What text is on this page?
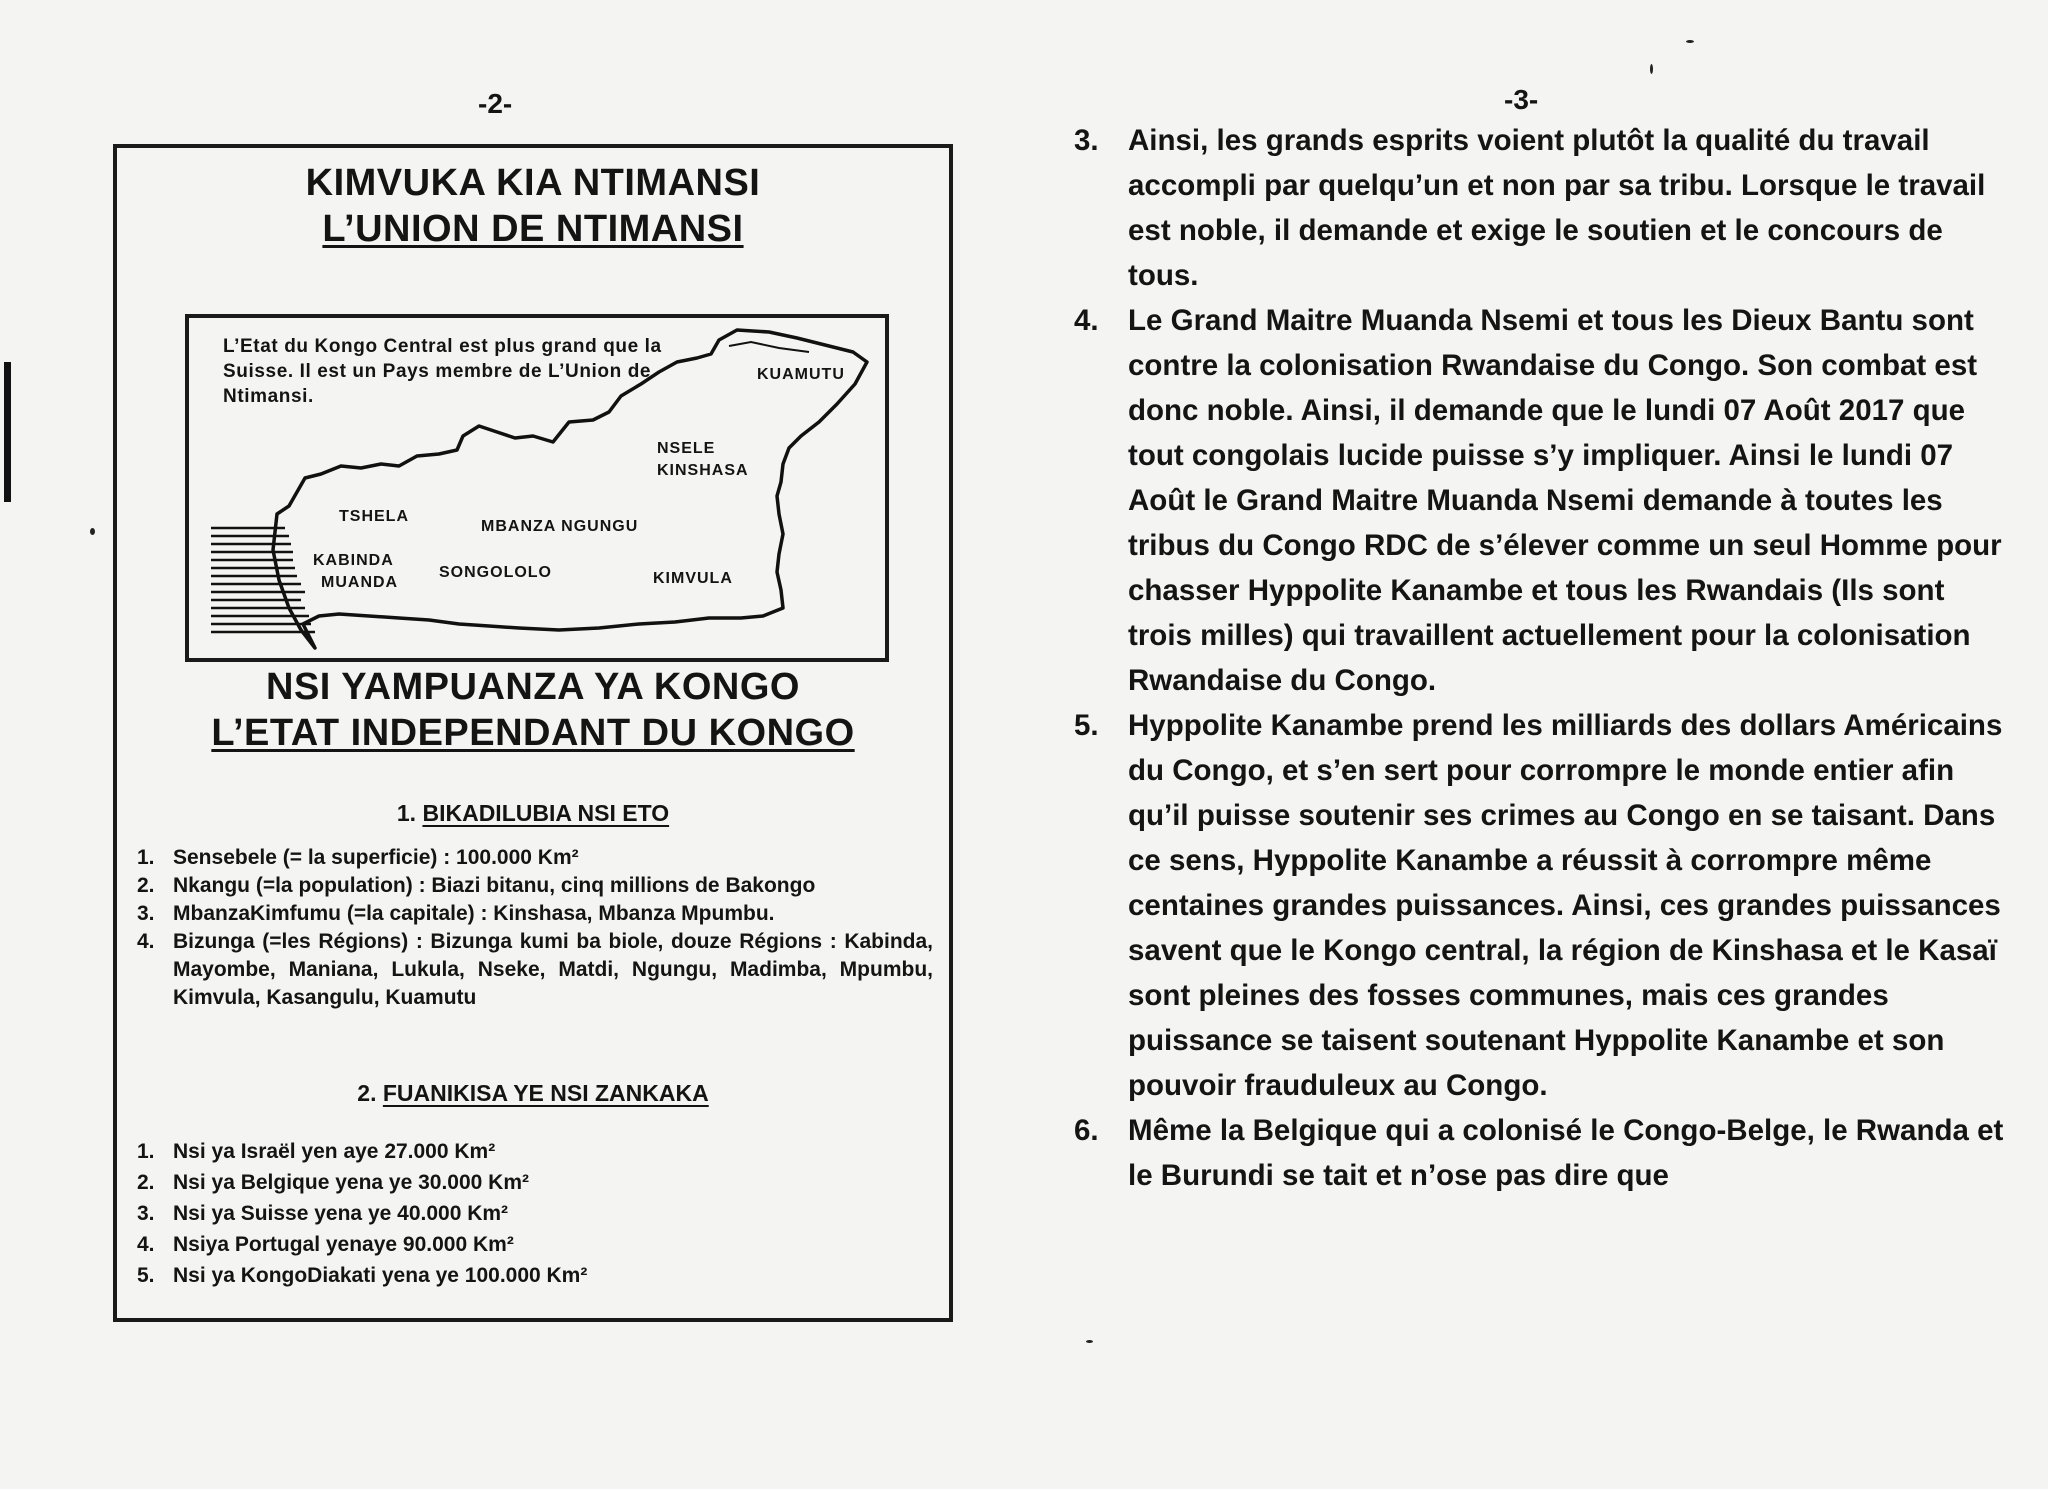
-2-
KIMVUKA KIA NTIMANSI
L’UNION DE NTIMANSI
L’Etat du Kongo Central est plus grand que la Suisse. Il est un Pays membre de L’Union de Ntimansi.
KUAMUTU
NSELE
KINSHASA
TSHELA
MBANZA NGUNGU
KABINDA
MUANDA
SONGOLOLO	KIMVULA
NSI YAMPUANZA YA KONGO
L’ETAT INDEPENDANT DU KONGO
1. BIKADILUBIA NSI ETO
1. Sensebele (= la superficie) : 100.000 Km²
2. Nkangu (=la population) : Biazi bitanu, cinq millions de Bakongo
3. MbanzaKimfumu (=la capitale) : Kinshasa, Mbanza Mpumbu.
4. Bizunga (=les Régions) : Bizunga kumi ba biole, douze Régions : Kabinda, Mayombe, Maniana, Lukula, Nseke, Matdi, Ngungu, Madimba, Mpumbu, Kimvula, Kasangulu, Kuamutu
2. FUANIKISA YE NSI ZANKAKA
1. Nsi ya Israël yen aye 27.000 Km²
2. Nsi ya Belgique yena ye 30.000 Km²
3. Nsi ya Suisse yena ye 40.000 Km²
4. Nsiya Portugal yenaye 90.000 Km²
5. Nsi ya KongoDiakati yena ye 100.000 Km²
-3-
3. Ainsi, les grands esprits voient plutôt la qualité du travail accompli par quelqu’un et non par sa tribu. Lorsque le travail est noble, il demande et exige le soutien et le concours de tous.
4. Le Grand Maitre Muanda Nsemi et tous les Dieux Bantu sont contre la colonisation Rwandaise du Congo. Son combat est donc noble. Ainsi, il demande que le lundi 07 Août 2017 que tout congolais lucide puisse s’y impliquer. Ainsi le lundi 07 Août le Grand Maitre Muanda Nsemi demande à toutes les tribus du Congo RDC de s’élever comme un seul Homme pour chasser Hyppolite Kanambe et tous les Rwandais (Ils sont trois milles) qui travaillent actuellement pour la colonisation Rwandaise du Congo.
5. Hyppolite Kanambe prend les milliards des dollars Américains du Congo, et s’en sert pour corrompre le monde entier afin qu’il puisse soutenir ses crimes au Congo en se taisant. Dans ce sens, Hyppolite Kanambe a réussit à corrompre même centaines grandes puissances. Ainsi, ces grandes puissances savent que le Kongo central, la région de Kinshasa et le Kasaï sont pleines des fosses communes, mais ces grandes puissance se taisent soutenant Hyppolite Kanambe et son pouvoir frauduleux au Congo.
6. Même la Belgique qui a colonisé le Congo-Belge, le Rwanda et le Burundi se tait et n’ose pas dire que
